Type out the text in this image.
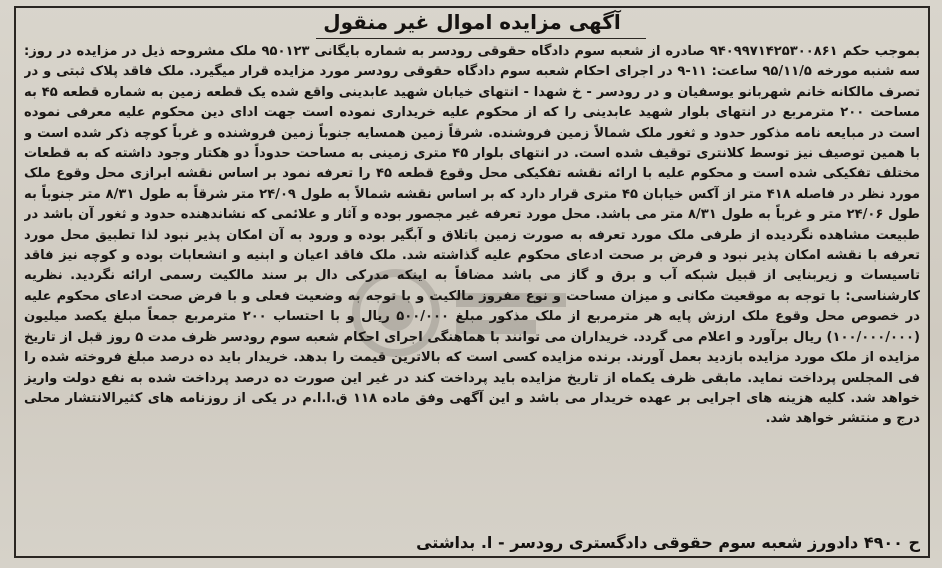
آگهی مزایده اموال غیر منقول
بموجب حکم ۹۴۰۹۹۷۱۴۲۵۳۰۰۸۶۱ صادره از شعبه سوم دادگاه حقوقی رودسر به شماره بایگانی ۹۵۰۱۲۳ ملک مشروحه ذیل در مزایده در روز: سه شنبه مورخه ۹۵/۱۱/۵ ساعت: ۱۱-۹ در اجرای احکام شعبه سوم دادگاه حقوقی رودسر مورد مزایده قرار میگیرد. ملک فاقد پلاک ثبتی و در تصرف مالکانه خانم شهربانو یوسفیان و در رودسر - خ شهدا - انتهای خیابان شهید عابدینی واقع شده یک قطعه زمین به شماره قطعه ۴۵ به مساحت ۲۰۰ مترمربع در انتهای بلوار شهید عابدینی را که از محکوم علیه خریداری نموده است جهت ادای دین محکوم علیه معرفی نموده است در مبایعه نامه مذکور حدود و ثغور ملک شمالاً زمین فروشنده. شرقاً زمین همسایه جنوباً زمین فروشنده و غرباً کوچه ذکر شده است و با همین توصیف نیز توسط کلانتری توقیف شده است. در انتهای بلوار ۴۵ متری زمینی به مساحت حدوداً دو هکتار وجود داشته که به قطعات مختلف تفکیکی شده است و محکوم علیه با ارائه نقشه تفکیکی محل وقوع قطعه ۴۵ را تعرفه نمود بر اساس نقشه ابرازی محل وقوع ملک مورد نظر در فاصله ۴۱۸ متر از آکس خیابان ۴۵ متری قرار دارد که بر اساس نقشه شمالاً به طول ۲۴/۰۹ متر شرقاً به طول ۸/۳۱ متر جنوباً به طول ۲۴/۰۶ متر و غرباً به طول ۸/۳۱ متر می باشد. محل مورد تعرفه غیر مجصور بوده و آثار و علائمی که نشاندهنده حدود و ثغور آن باشد در طبیعت مشاهده نگردیده از طرفی ملک مورد تعرفه به صورت زمین باتلاق و آبگیر بوده و ورود به آن امکان پذیر نبود لذا تطبیق محل مورد تعرفه با نقشه امکان پذیر نبود و فرض بر صحت ادعای محکوم علیه گذاشته شد. ملک فاقد اعیان و ابنیه و انشعابات بوده و کوچه نیز فاقد تاسیسات و زیربنایی از قبیل شبکه آب و برق و گاز می باشد مضافاً به اینکه مدرکی دال بر سند مالکیت رسمی ارائه نگردید. نظریه کارشناسی: با توجه به موقعیت مکانی و میزان مساحت و نوع مفروز مالکیت و با توجه به وضعیت فعلی و با فرض صحت ادعای محکوم علیه در خصوص محل وقوع ملک ارزش پایه هر مترمربع از ملک مذکور مبلغ ۵۰۰/۰۰۰ ریال و با احتساب ۲۰۰ مترمربع جمعاً مبلغ یکصد میلیون (۱۰۰/۰۰۰/۰۰۰) ریال برآورد و اعلام می گردد. خریداران می توانند با هماهنگی اجرای احکام شعبه سوم رودسر ظرف مدت ۵ روز قبل از تاریخ مزایده از ملک مورد مزایده بازدید بعمل آورند. برنده مزایده کسی است که بالاترین قیمت را بدهد. خریدار باید ده درصد مبلغ فروخته شده را فی المجلس پرداخت نماید. مابقی ظرف یکماه از تاریخ مزایده باید پرداخت کند در غیر این صورت ده درصد پرداخت شده به نفع دولت واریز خواهد شد. کلیه هزینه های اجرایی بر عهده خریدار می باشد و این آگهی وفق ماده ۱۱۸ ق.ا.ا.م در یکی از روزنامه های کثیرالانتشار محلی درج و منتشر خواهد شد.
ح ۴۹۰۰ دادورز شعبه سوم حقوقی دادگستری رودسر - ا. بداشتی
